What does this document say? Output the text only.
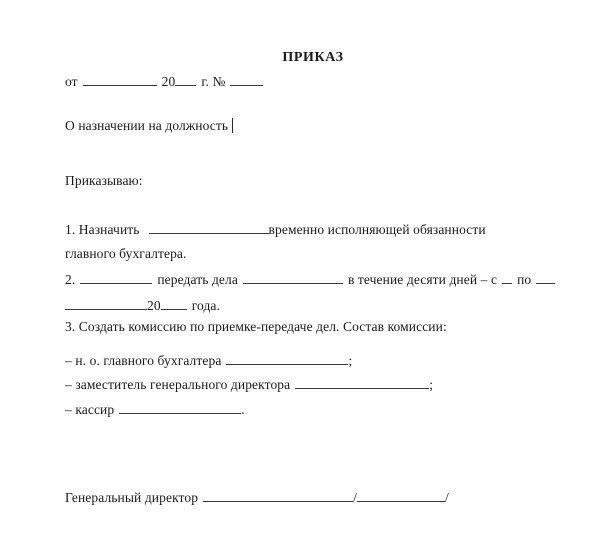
ПРИКАЗ
от	20 г. №
О назначении на должность
Приказываю:
1. Назначить	временно исполняющей обязанности
главного бухгалтера.
2.	передать дела	в течение десяти дней – с по
20 года.
3. Создать комиссию по приемке-передаче дел. Состав комиссии:
– н. о. главного бухгалтера	;
– заместитель генерального директора	;
– кассир	.
Генеральный директор	/	/
